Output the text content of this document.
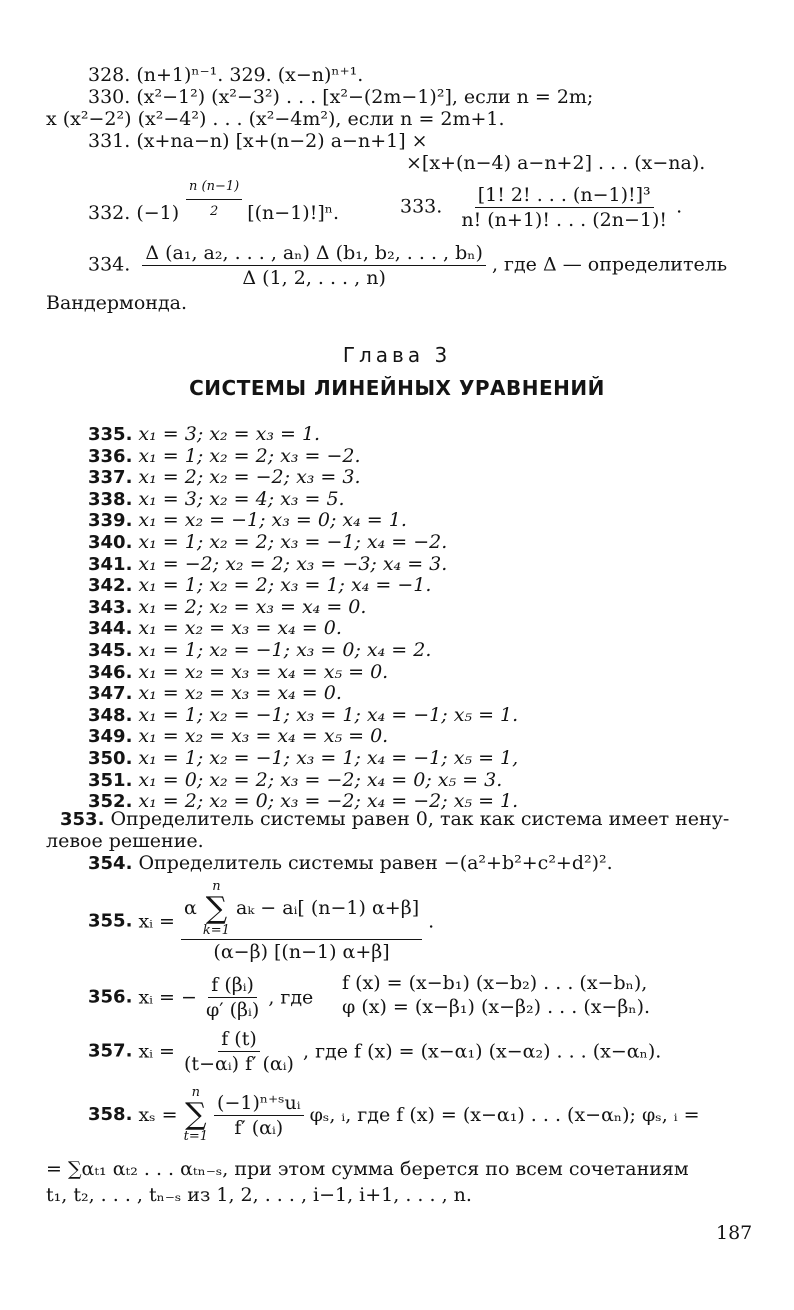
328. (n+1)ⁿ⁻¹. 329. (x−n)ⁿ⁺¹.
330. (x²−1²) (x²−3²) . . . [x²−(2m−1)²], если n = 2m;
x (x²−2²) (x²−4²) . . . (x²−4m²), если n = 2m+1.
331. (x+na−n) [x+(n−2) a−n+1] ×
×[x+(n−4) a−n+2] . . . (x−na).
$\frac{n (n-1)}{2}$
332. (−1)	[(n−1)!]ⁿ.	333. $\frac{\text{[1! 2! . . . (n−1)!]³}}{n! (n+1)! . . . (2n-1)!}$ .
334. $\frac{\text{Δ (a₁, a₂, . . . , aₙ) Δ (b₁, b₂, . . . , bₙ)}}{\Delta (1, 2, . . . , n)}$ , где Δ — определитель
Вандермонда.
Глава 3
СИСТЕМЫ ЛИНЕЙНЫХ УРАВНЕНИЙ
335. x₁ = 3; x₂ = x₃ = 1.
336. x₁ = 1; x₂ = 2; x₃ = −2.
337. x₁ = 2; x₂ = −2; x₃ = 3.
338. x₁ = 3; x₂ = 4; x₃ = 5.
339. x₁ = x₂ = −1; x₃ = 0; x₄ = 1.
340. x₁ = 1; x₂ = 2; x₃ = −1; x₄ = −2.
341. x₁ = −2; x₂ = 2; x₃ = −3; x₄ = 3.
342. x₁ = 1; x₂ = 2; x₃ = 1; x₄ = −1.
343. x₁ = 2; x₂ = x₃ = x₄ = 0.
344. x₁ = x₂ = x₃ = x₄ = 0.
345. x₁ = 1; x₂ = −1; x₃ = 0; x₄ = 2.
346. x₁ = x₂ = x₃ = x₄ = x₅ = 0.
347. x₁ = x₂ = x₃ = x₄ = 0.
348. x₁ = 1; x₂ = −1; x₃ = 1; x₄ = −1; x₅ = 1.
349. x₁ = x₂ = x₃ = x₄ = x₅ = 0.
350. x₁ = 1; x₂ = −1; x₃ = 1; x₄ = −1; x₅ = 1,
351. x₁ = 0; x₂ = 2; x₃ = −2; x₄ = 0; x₅ = 3.
352. x₁ = 2; x₂ = 0; x₃ = −2; x₄ = −2; x₅ = 1.
353. Определитель системы равен 0, так как система имеет нену-
левое решение.
354. Определитель системы равен −(a²+b²+c²+d²)².
355. xᵢ =
α
n
∑
k=1
aₖ − aᵢ[ (n−1) α+β]
(α−β) [(n−1) α+β]
.
356. xᵢ = − $\frac{\text{f (βᵢ)}}{\text{φ′ (βᵢ)}}$ , где
f (x) = (x−b₁) (x−b₂) . . . (x−bₙ),
φ (x) = (x−β₁) (x−β₂) . . . (x−βₙ).
357. xᵢ = $\frac{f (t)}{\text{(t−αᵢ) f′ (αᵢ)}}$ , где f (x) = (x−α₁) (x−α₂) . . . (x−αₙ).
358. xₛ =
n
∑
t=1
$\frac{\text{(−1)ⁿ⁺ˢuᵢ}}{\text{f′ (αᵢ)}} \varphi_s$, ᵢ, где f (x) = (x−α₁) . . . (x−αₙ); φₛ, ᵢ =
= ∑αₜ₁ αₜ₂ . . . αₜₙ₋ₛ, при этом сумма берется по всем сочетаниям
t₁, t₂, . . . , tₙ₋ₛ из 1, 2, . . . , i−1, i+1, . . . , n.
187
